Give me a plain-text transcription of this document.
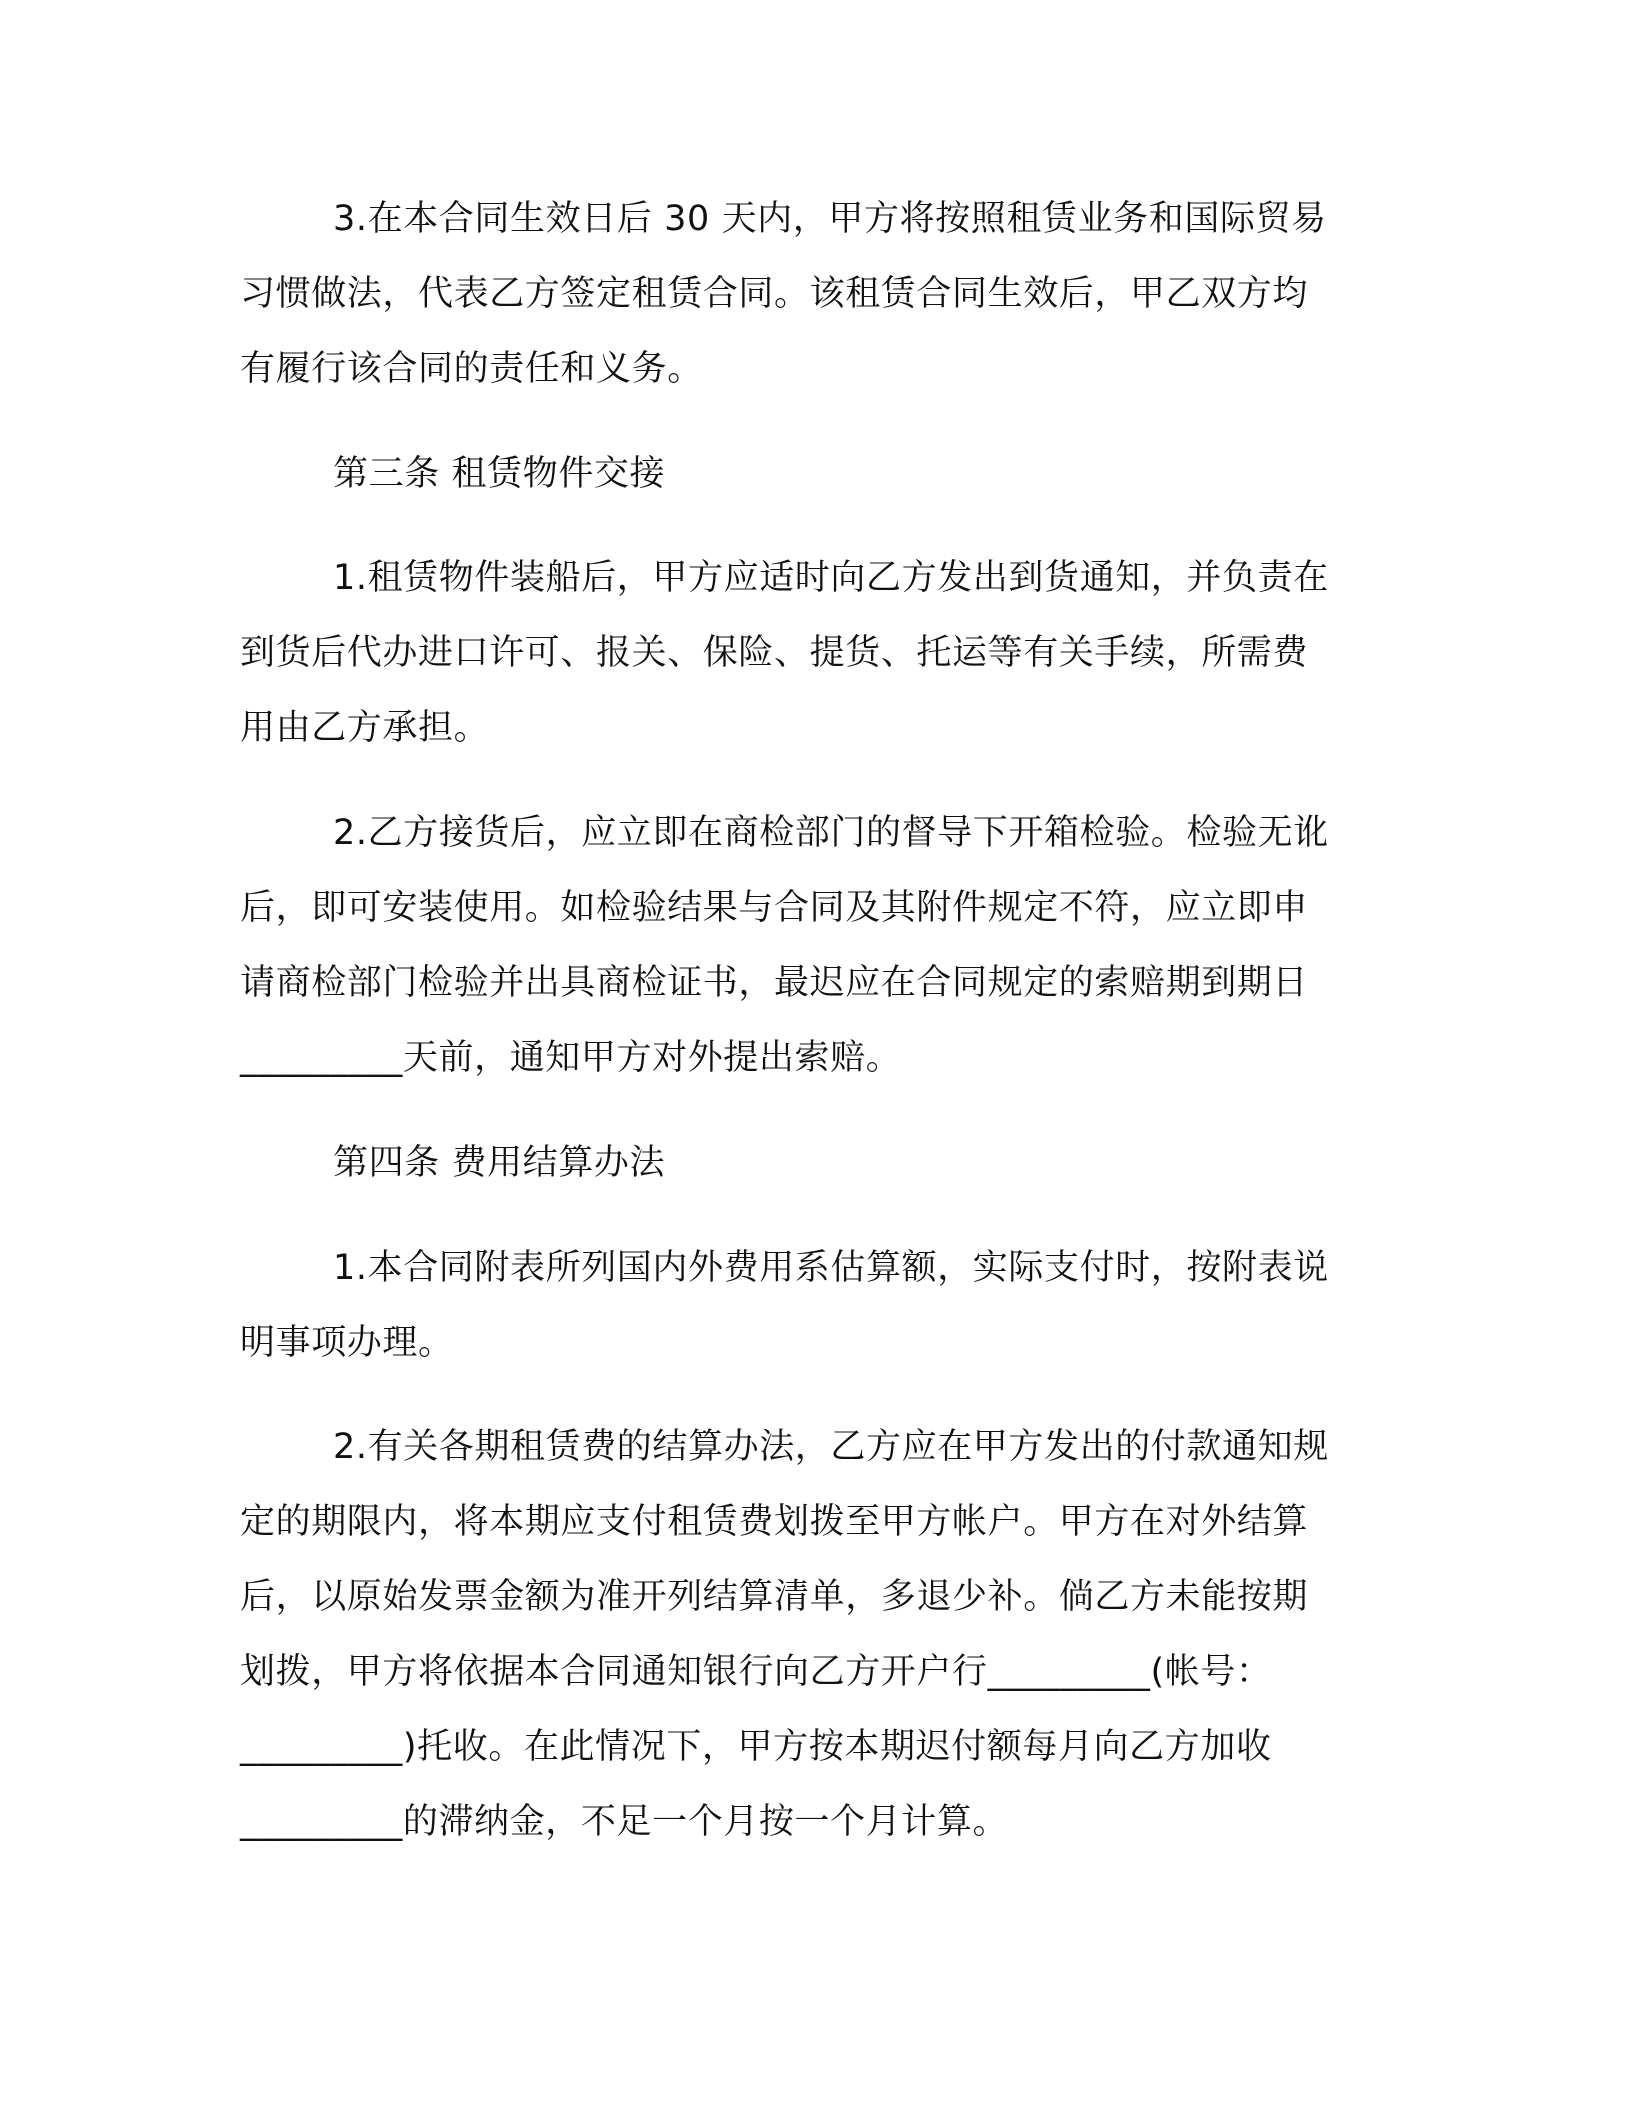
3.在本合同生效日后 30 天内，甲方将按照租赁业务和国际贸易
习惯做法，代表乙方签定租赁合同。该租赁合同生效后，甲乙双方均
有履行该合同的责任和义务。
第三条 租赁物件交接
1.租赁物件装船后，甲方应适时向乙方发出到货通知，并负责在
到货后代办进口许可、报关、保险、提货、托运等有关手续，所需费
用由乙方承担。
2.乙方接货后，应立即在商检部门的督导下开箱检验。检验无讹
后，即可安装使用。如检验结果与合同及其附件规定不符，应立即申
请商检部门检验并出具商检证书，最迟应在合同规定的索赔期到期日
_________天前，通知甲方对外提出索赔。
第四条 费用结算办法
1.本合同附表所列国内外费用系估算额，实际支付时，按附表说
明事项办理。
2.有关各期租赁费的结算办法，乙方应在甲方发出的付款通知规
定的期限内，将本期应支付租赁费划拨至甲方帐户。甲方在对外结算
后，以原始发票金额为准开列结算清单，多退少补。倘乙方未能按期
划拨，甲方将依据本合同通知银行向乙方开户行_________(帐号：
_________)托收。在此情况下，甲方按本期迟付额每月向乙方加收
_________的滞纳金，不足一个月按一个月计算。
